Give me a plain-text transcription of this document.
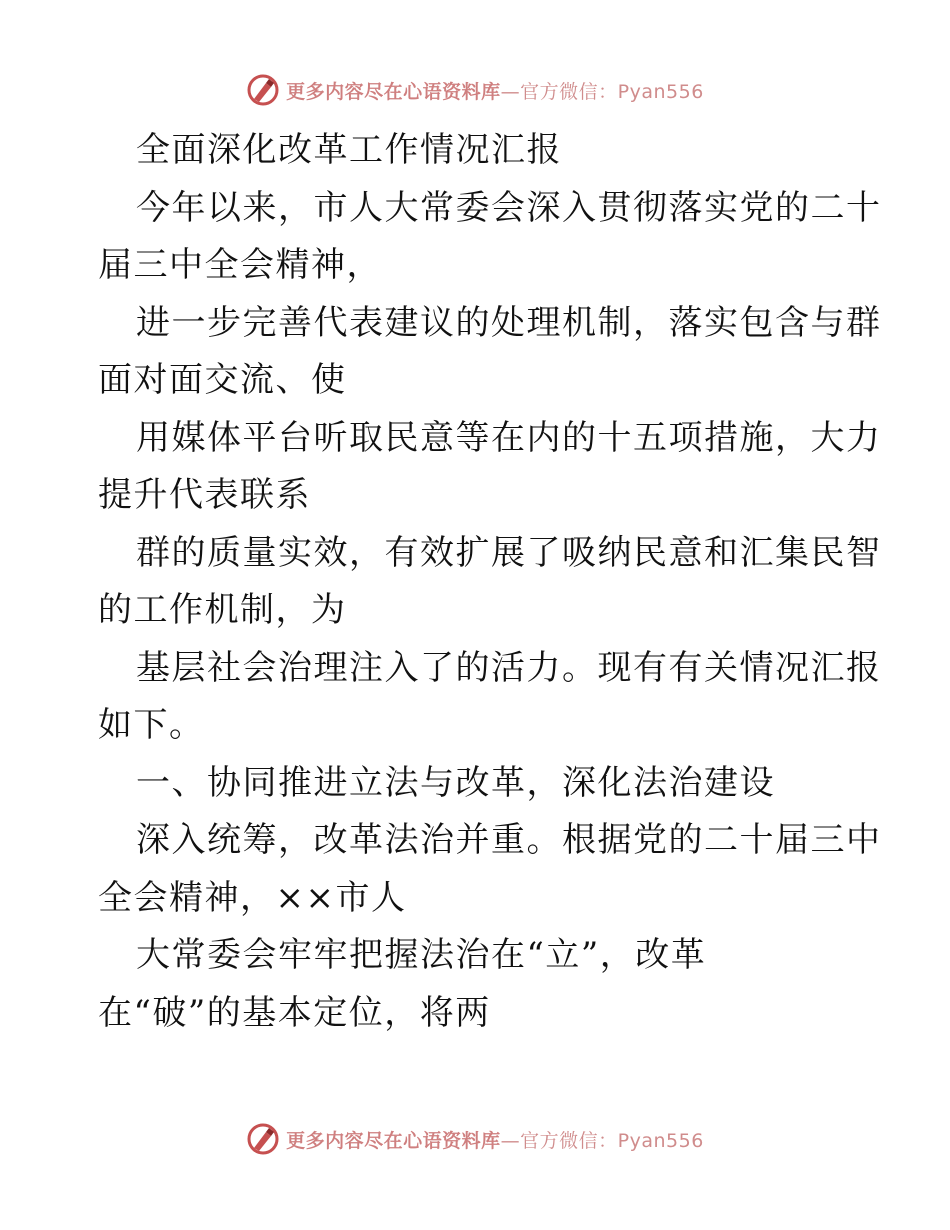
更多内容尽在心语资料库—官方微信：Pyan556
全面深化改革工作情况汇报
今年以来，市人大常委会深入贯彻落实党的二十
届三中全会精神，
进一步完善代表建议的处理机制，落实包含与群
面对面交流、使
用媒体平台听取民意等在内的十五项措施，大力
提升代表联系
群的质量实效，有效扩展了吸纳民意和汇集民智
的工作机制，为
基层社会治理注入了的活力。现有有关情况汇报
如下。
一、协同推进立法与改革，深化法治建设
深入统筹，改革法治并重。根据党的二十届三中
全会精神，××市人
大常委会牢牢把握法治在“立”，改革
在“破”的基本定位，将两
更多内容尽在心语资料库—官方微信：Pyan556
